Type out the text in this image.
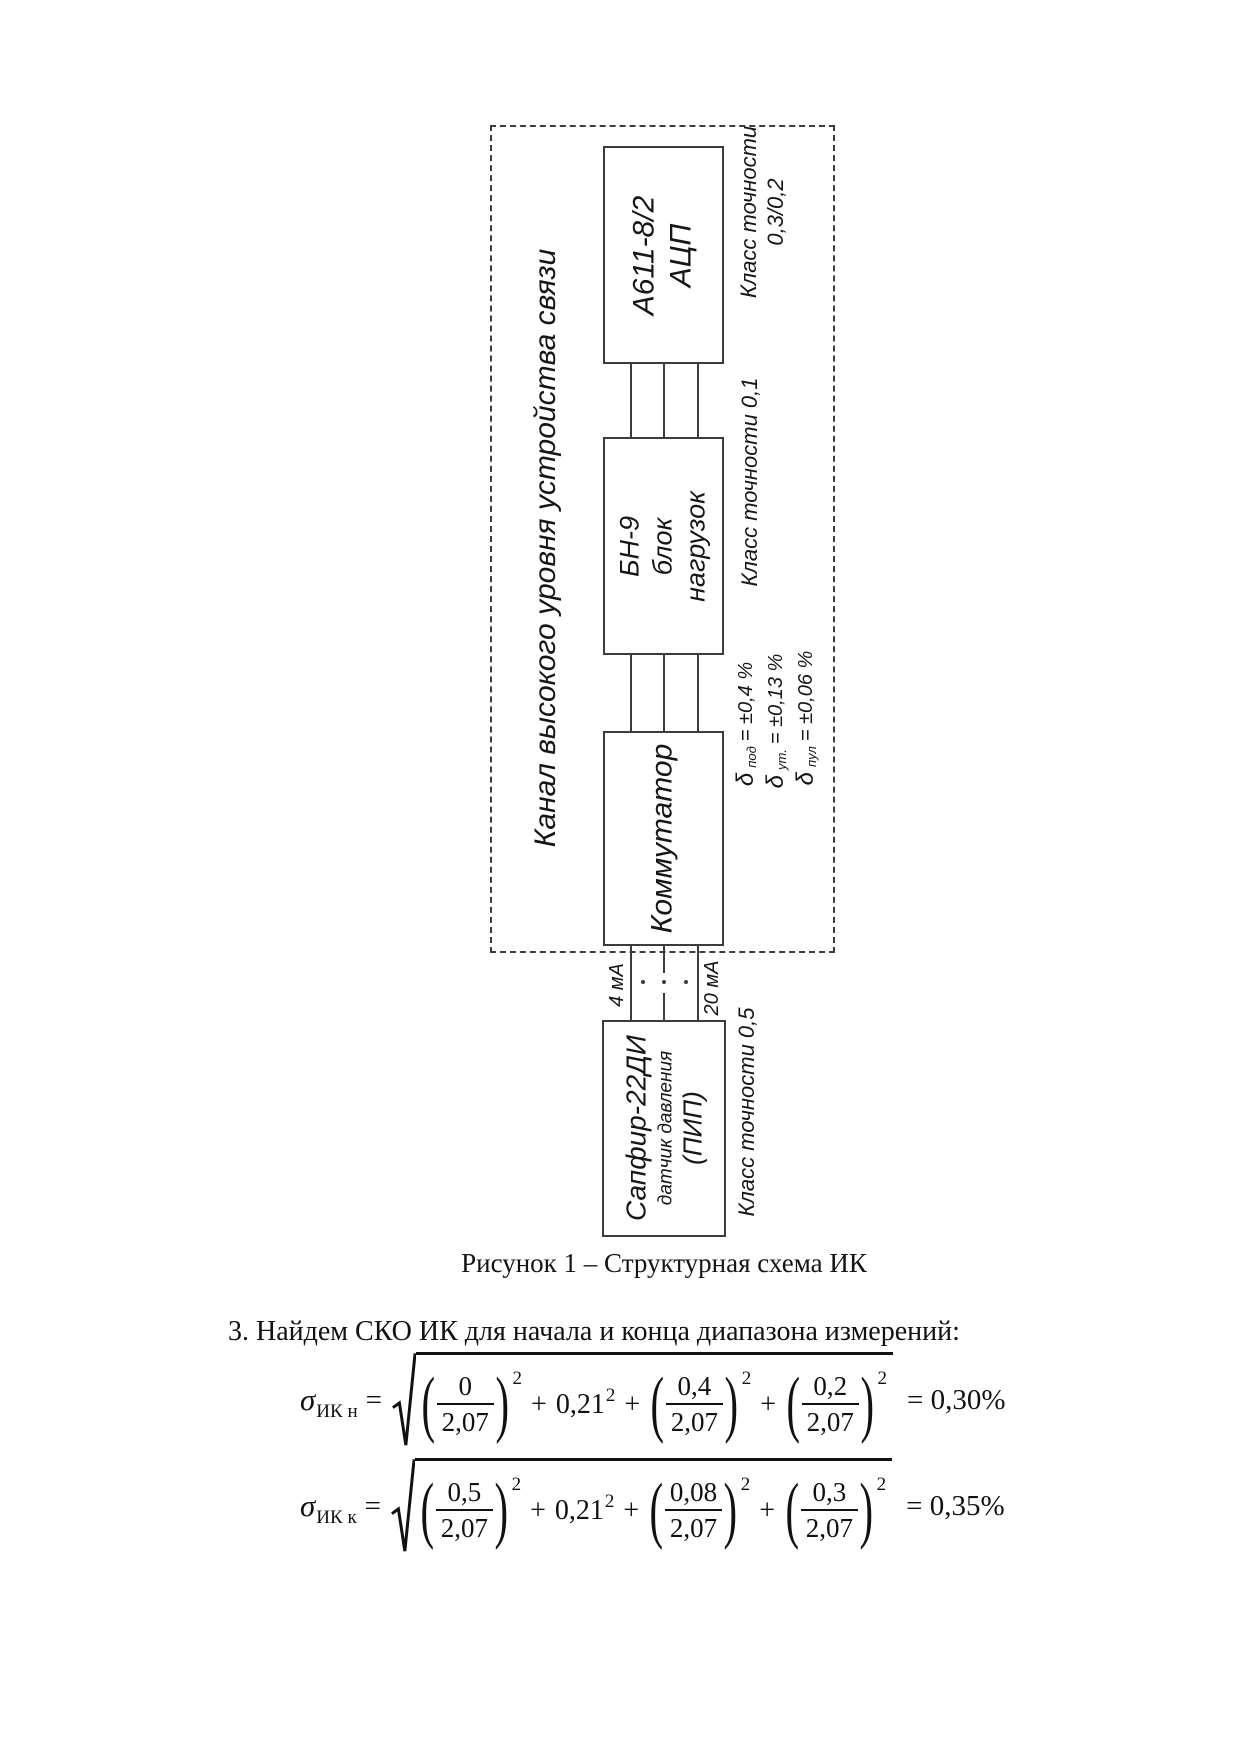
Канал высокого уровня устройства связи А611-8/2 АЦП
БН-9 блок нагрузок
Коммутатор
Сапфир-22ДИ датчик давления (ПИП)
4 мА	20 мА
Класс точности 0,3/0,2
Класс точности 0,1
Класс точности 0,5
δ
под
= ±0,4 %
δ
ут.
= ±0,13 %
δ
пул
= ±0,06 %
Рисунок 1 – Структурная схема ИК
3. Найдем СКО ИК для начала и конца диапазона измерений:
$\sigma_{ИК н}$ = ( $\frac{0}{2,07}$ ) 2
+ 0,21 2 + ( $\frac{0,4}{2,07}$ ) 2
+ ( $\frac{0,2}{2,07}$ ) 2
= 0,30%
$\sigma_{ИК к}$ = ( $\frac{0,5}{2,07}$ ) 2
+ 0,21 2 + ( $\frac{0,08}{2,07}$ ) 2
+ ( $\frac{0,3}{2,07}$ ) 2
= 0,35%
